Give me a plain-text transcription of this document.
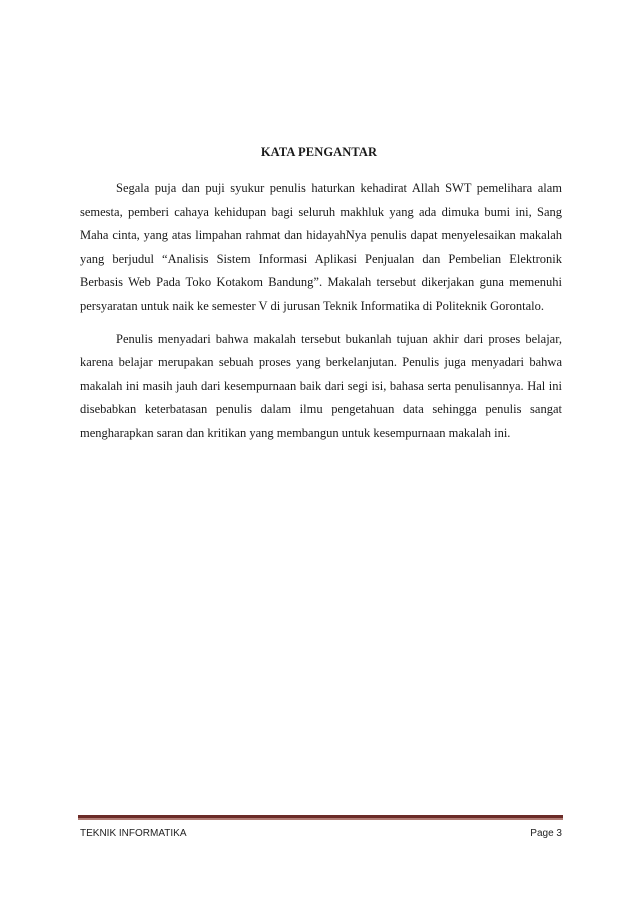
KATA PENGANTAR

Segala puja dan puji syukur penulis haturkan kehadirat Allah SWT pemelihara alam semesta, pemberi cahaya kehidupan bagi seluruh makhluk yang ada dimuka bumi ini, Sang Maha cinta, yang atas limpahan rahmat dan hidayahNya penulis dapat menyelesaikan makalah yang berjudul “Analisis Sistem Informasi Aplikasi Penjualan dan Pembelian Elektronik Berbasis Web Pada Toko Kotakom Bandung”. Makalah tersebut dikerjakan guna memenuhi persyaratan untuk naik ke semester V di jurusan Teknik Informatika di Politeknik Gorontalo.

Penulis menyadari bahwa makalah tersebut bukanlah tujuan akhir dari proses belajar, karena belajar merupakan sebuah proses yang berkelanjutan. Penulis juga menyadari bahwa makalah ini masih jauh dari kesempurnaan baik dari segi isi, bahasa serta penulisannya. Hal ini disebabkan keterbatasan penulis dalam ilmu pengetahuan data sehingga penulis sangat mengharapkan saran dan kritikan yang membangun untuk kesempurnaan makalah ini.

TEKNIK INFORMATIKA	Page 3
